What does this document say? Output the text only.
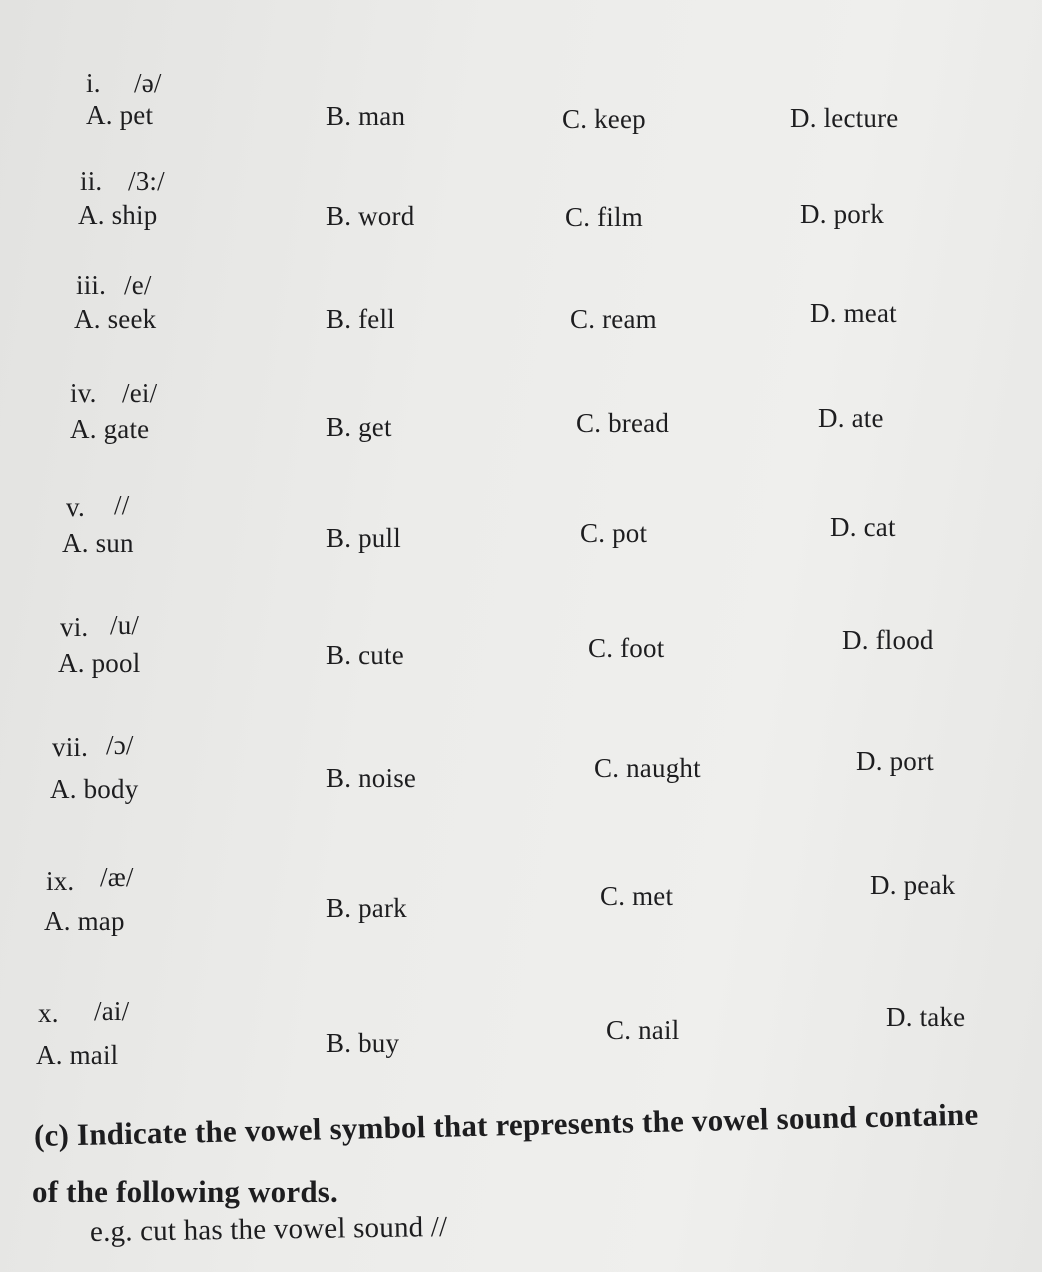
i. /ə/
A. pet	B. man	C. keep	D. lecture
ii. /3:/
A. ship	B. word	C. film	D. pork
iii. /e/
A. seek	B. fell	C. ream	D. meat
iv. /ei/
A. gate	B. get	C. bread	D. ate
v. //
A. sun	B. pull	C. pot	D. cat
vi. /u/
A. pool	B. cute	C. foot	D. flood
vii. /ɔ/
A. body	B. noise	C. naught	D. port
ix. /æ/
A. map	B. park	C. met	D. peak
x. /ai/
A. mail	B. buy	C. nail	D. take
(c) Indicate the vowel symbol that represents the vowel sound containe
of the following words.
e.g. cut has the vowel sound //
